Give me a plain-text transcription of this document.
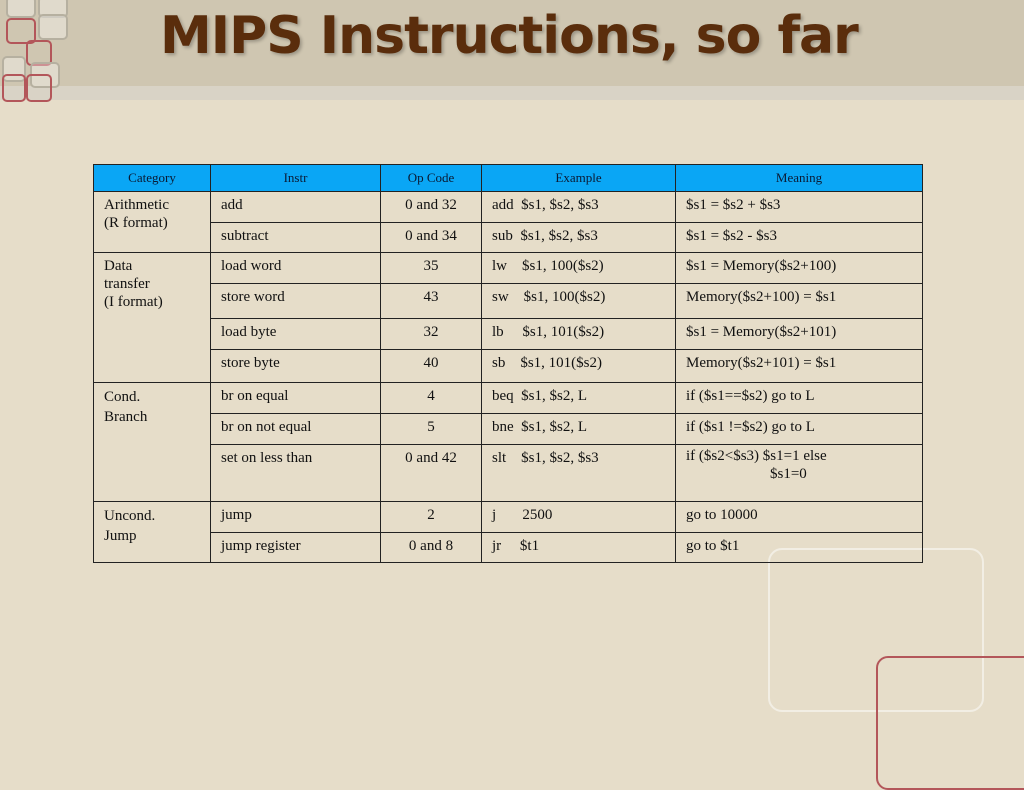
MIPS Instructions, so far
Category	Instr	Op Code	Example	Meaning

Arithmetic
(R format)	add	0 and 32	add  $s1, $s2, $s3	$s1 = $s2 + $s3
	subtract	0 and 34	sub  $s1, $s2, $s3	$s1 = $s2 - $s3

Data
transfer
(I format)	load word	35	lw    $s1, 100($s2)	$s1 = Memory($s2+100)
	store word	43	sw    $s1, 100($s2)	Memory($s2+100) = $s1
	load byte	32	lb     $s1, 101($s2)	$s1 = Memory($s2+101)
	store byte	40	sb    $s1, 101($s2)	Memory($s2+101) = $s1

Cond.
Branch	br on equal	4	beq  $s1, $s2, L	if ($s1==$s2) go to L
	br on not equal	5	bne  $s1, $s2, L	if ($s1 !=$s2) go to L
	set on less than	0 and 42	slt    $s1, $s2, $s3	if ($s2<$s3) $s1=1 else
$s1=0

Uncond.
Jump	jump	2	j       2500	go to 10000
	jump register	0 and 8	jr     $t1	go to $t1
